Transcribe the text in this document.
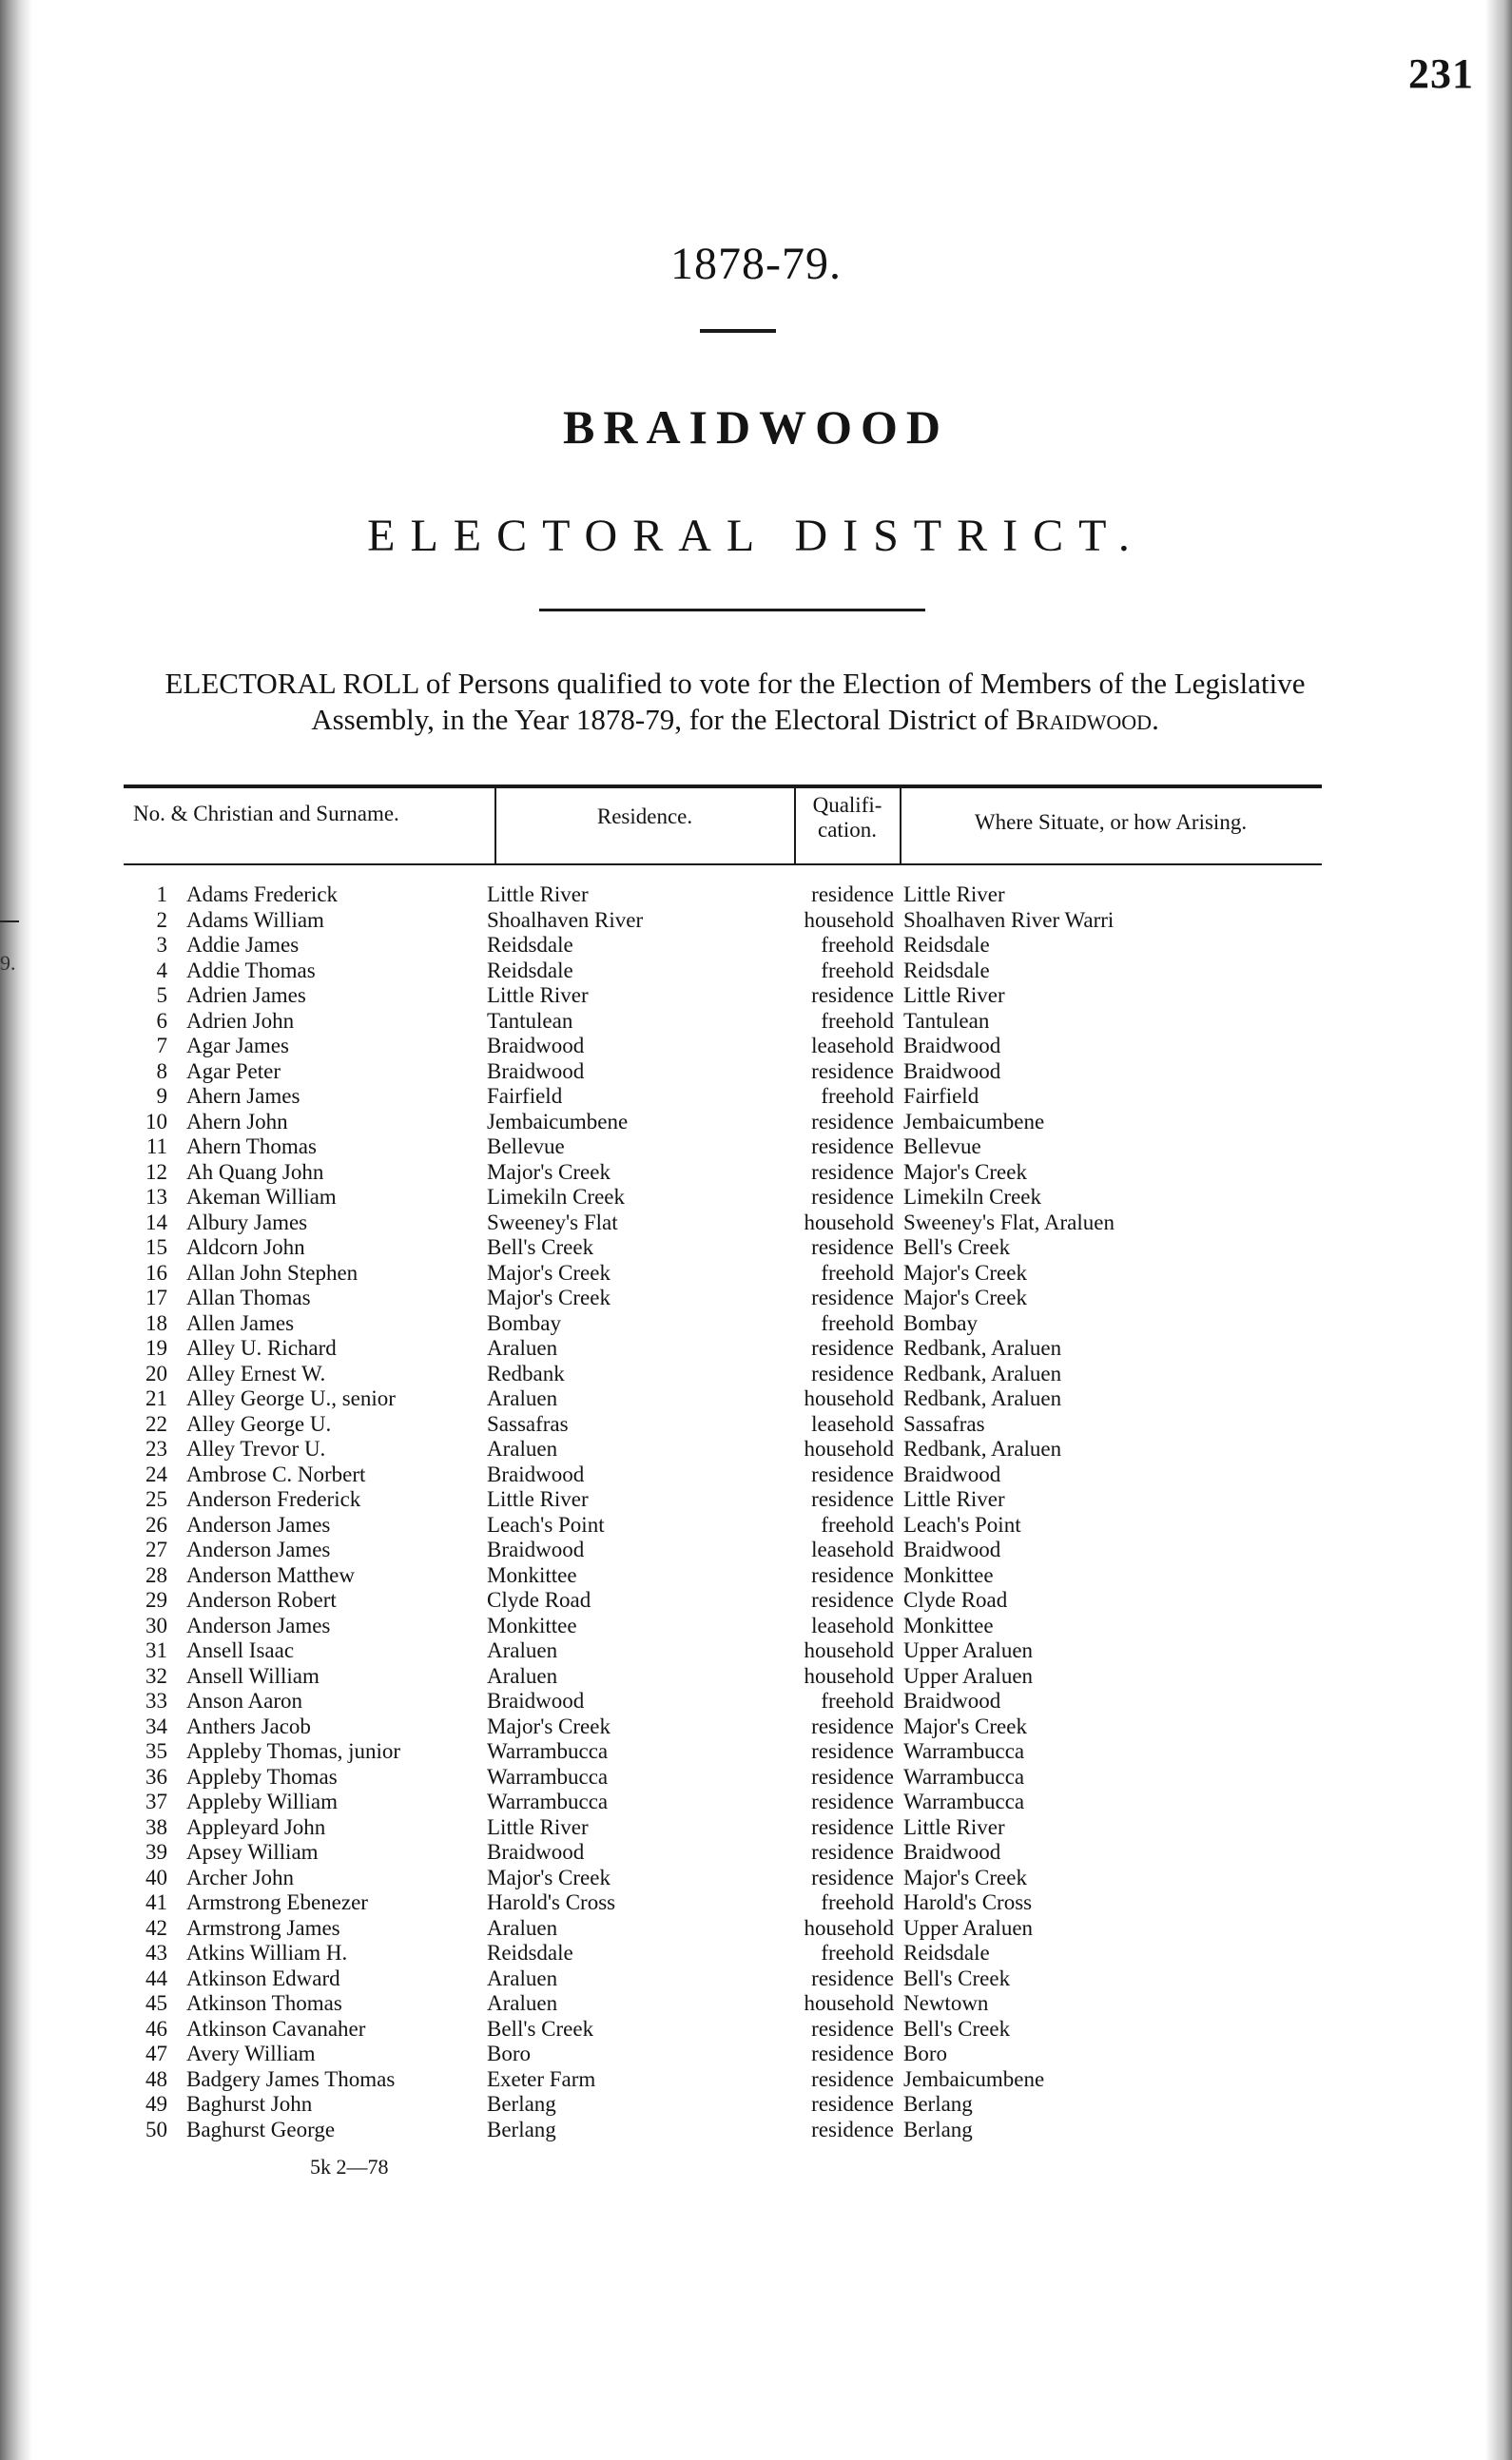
9.
231
1878-79.
BRAIDWOOD
ELECTORAL DISTRICT.
ELECTORAL ROLL of Persons qualified to vote for the Election of Members of the Legislative Assembly, in the Year 1878-79, for the Electoral District of Braidwood.
No. & Christian and Surname.	Residence.	Qualifi-
cation.	Where Situate, or how Arising.
1 Adams Frederick	Little River	residence Little River
2 Adams William	Shoalhaven River	household Shoalhaven River Warri
3 Addie James	Reidsdale	freehold Reidsdale
4 Addie Thomas	Reidsdale	freehold Reidsdale
5 Adrien James	Little River	residence Little River
6 Adrien John	Tantulean	freehold Tantulean
7 Agar James	Braidwood	leasehold Braidwood
8 Agar Peter	Braidwood	residence Braidwood
9 Ahern James	Fairfield	freehold Fairfield
10 Ahern John	Jembaicumbene	residence Jembaicumbene
11 Ahern Thomas	Bellevue	residence Bellevue
12 Ah Quang John	Major's Creek	residence Major's Creek
13 Akeman William	Limekiln Creek	residence Limekiln Creek
14 Albury James	Sweeney's Flat	household Sweeney's Flat, Araluen
15 Aldcorn John	Bell's Creek	residence Bell's Creek
16 Allan John Stephen	Major's Creek	freehold Major's Creek
17 Allan Thomas	Major's Creek	residence Major's Creek
18 Allen James	Bombay	freehold Bombay
19 Alley U. Richard	Araluen	residence Redbank, Araluen
20 Alley Ernest W.	Redbank	residence Redbank, Araluen
21 Alley George U., senior	Araluen	household Redbank, Araluen
22 Alley George U.	Sassafras	leasehold Sassafras
23 Alley Trevor U.	Araluen	household Redbank, Araluen
24 Ambrose C. Norbert	Braidwood	residence Braidwood
25 Anderson Frederick	Little River	residence Little River
26 Anderson James	Leach's Point	freehold Leach's Point
27 Anderson James	Braidwood	leasehold Braidwood
28 Anderson Matthew	Monkittee	residence Monkittee
29 Anderson Robert	Clyde Road	residence Clyde Road
30 Anderson James	Monkittee	leasehold Monkittee
31 Ansell Isaac	Araluen	household Upper Araluen
32 Ansell William	Araluen	household Upper Araluen
33 Anson Aaron	Braidwood	freehold Braidwood
34 Anthers Jacob	Major's Creek	residence Major's Creek
35 Appleby Thomas, junior	Warrambucca	residence Warrambucca
36 Appleby Thomas	Warrambucca	residence Warrambucca
37 Appleby William	Warrambucca	residence Warrambucca
38 Appleyard John	Little River	residence Little River
39 Apsey William	Braidwood	residence Braidwood
40 Archer John	Major's Creek	residence Major's Creek
41 Armstrong Ebenezer	Harold's Cross	freehold Harold's Cross
42 Armstrong James	Araluen	household Upper Araluen
43 Atkins William H.	Reidsdale	freehold Reidsdale
44 Atkinson Edward	Araluen	residence Bell's Creek
45 Atkinson Thomas	Araluen	household Newtown
46 Atkinson Cavanaher	Bell's Creek	residence Bell's Creek
47 Avery William	Boro	residence Boro
48 Badgery James Thomas	Exeter Farm	residence Jembaicumbene
49 Baghurst John	Berlang	residence Berlang
50 Baghurst George	Berlang	residence Berlang
5k 2—78
